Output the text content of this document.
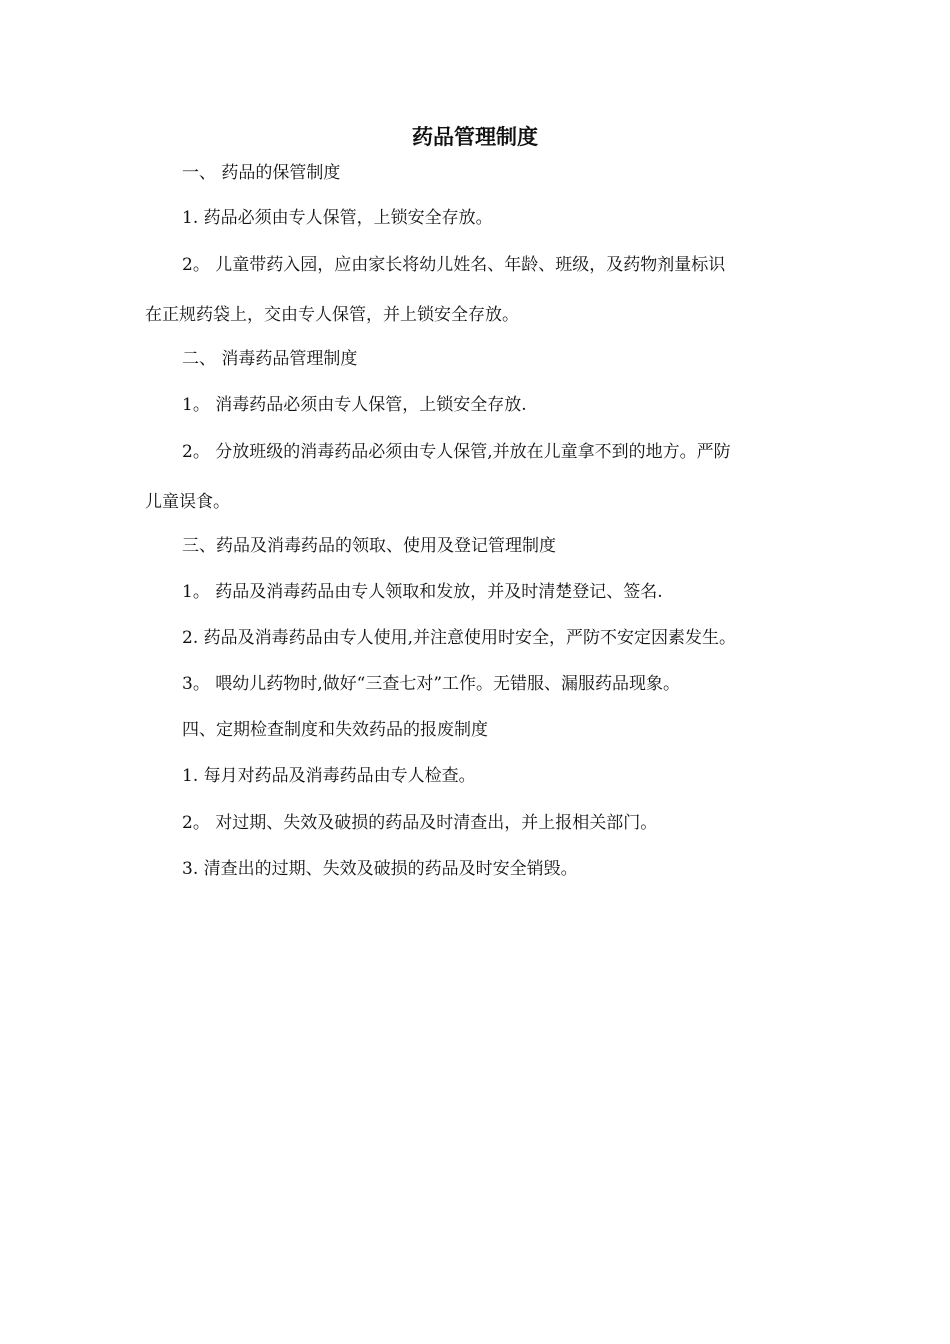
药品管理制度

一、 药品的保管制度

1. 药品必须由专人保管，上锁安全存放。

2。 儿童带药入园，应由家长将幼儿姓名、年龄、班级，及药物剂量标识

在正规药袋上，交由专人保管，并上锁安全存放。

二、 消毒药品管理制度

1。 消毒药品必须由专人保管，上锁安全存放.

2。 分放班级的消毒药品必须由专人保管,并放在儿童拿不到的地方。严防

儿童误食。

三、药品及消毒药品的领取、使用及登记管理制度

1。 药品及消毒药品由专人领取和发放，并及时清楚登记、签名.

2. 药品及消毒药品由专人使用,并注意使用时安全，严防不安定因素发生。

3。 喂幼儿药物时,做好“三查七对”工作。无错服、漏服药品现象。

四、定期检查制度和失效药品的报废制度

1. 每月对药品及消毒药品由专人检查。

2。 对过期、失效及破损的药品及时清查出，并上报相关部门。

3. 清查出的过期、失效及破损的药品及时安全销毁。
